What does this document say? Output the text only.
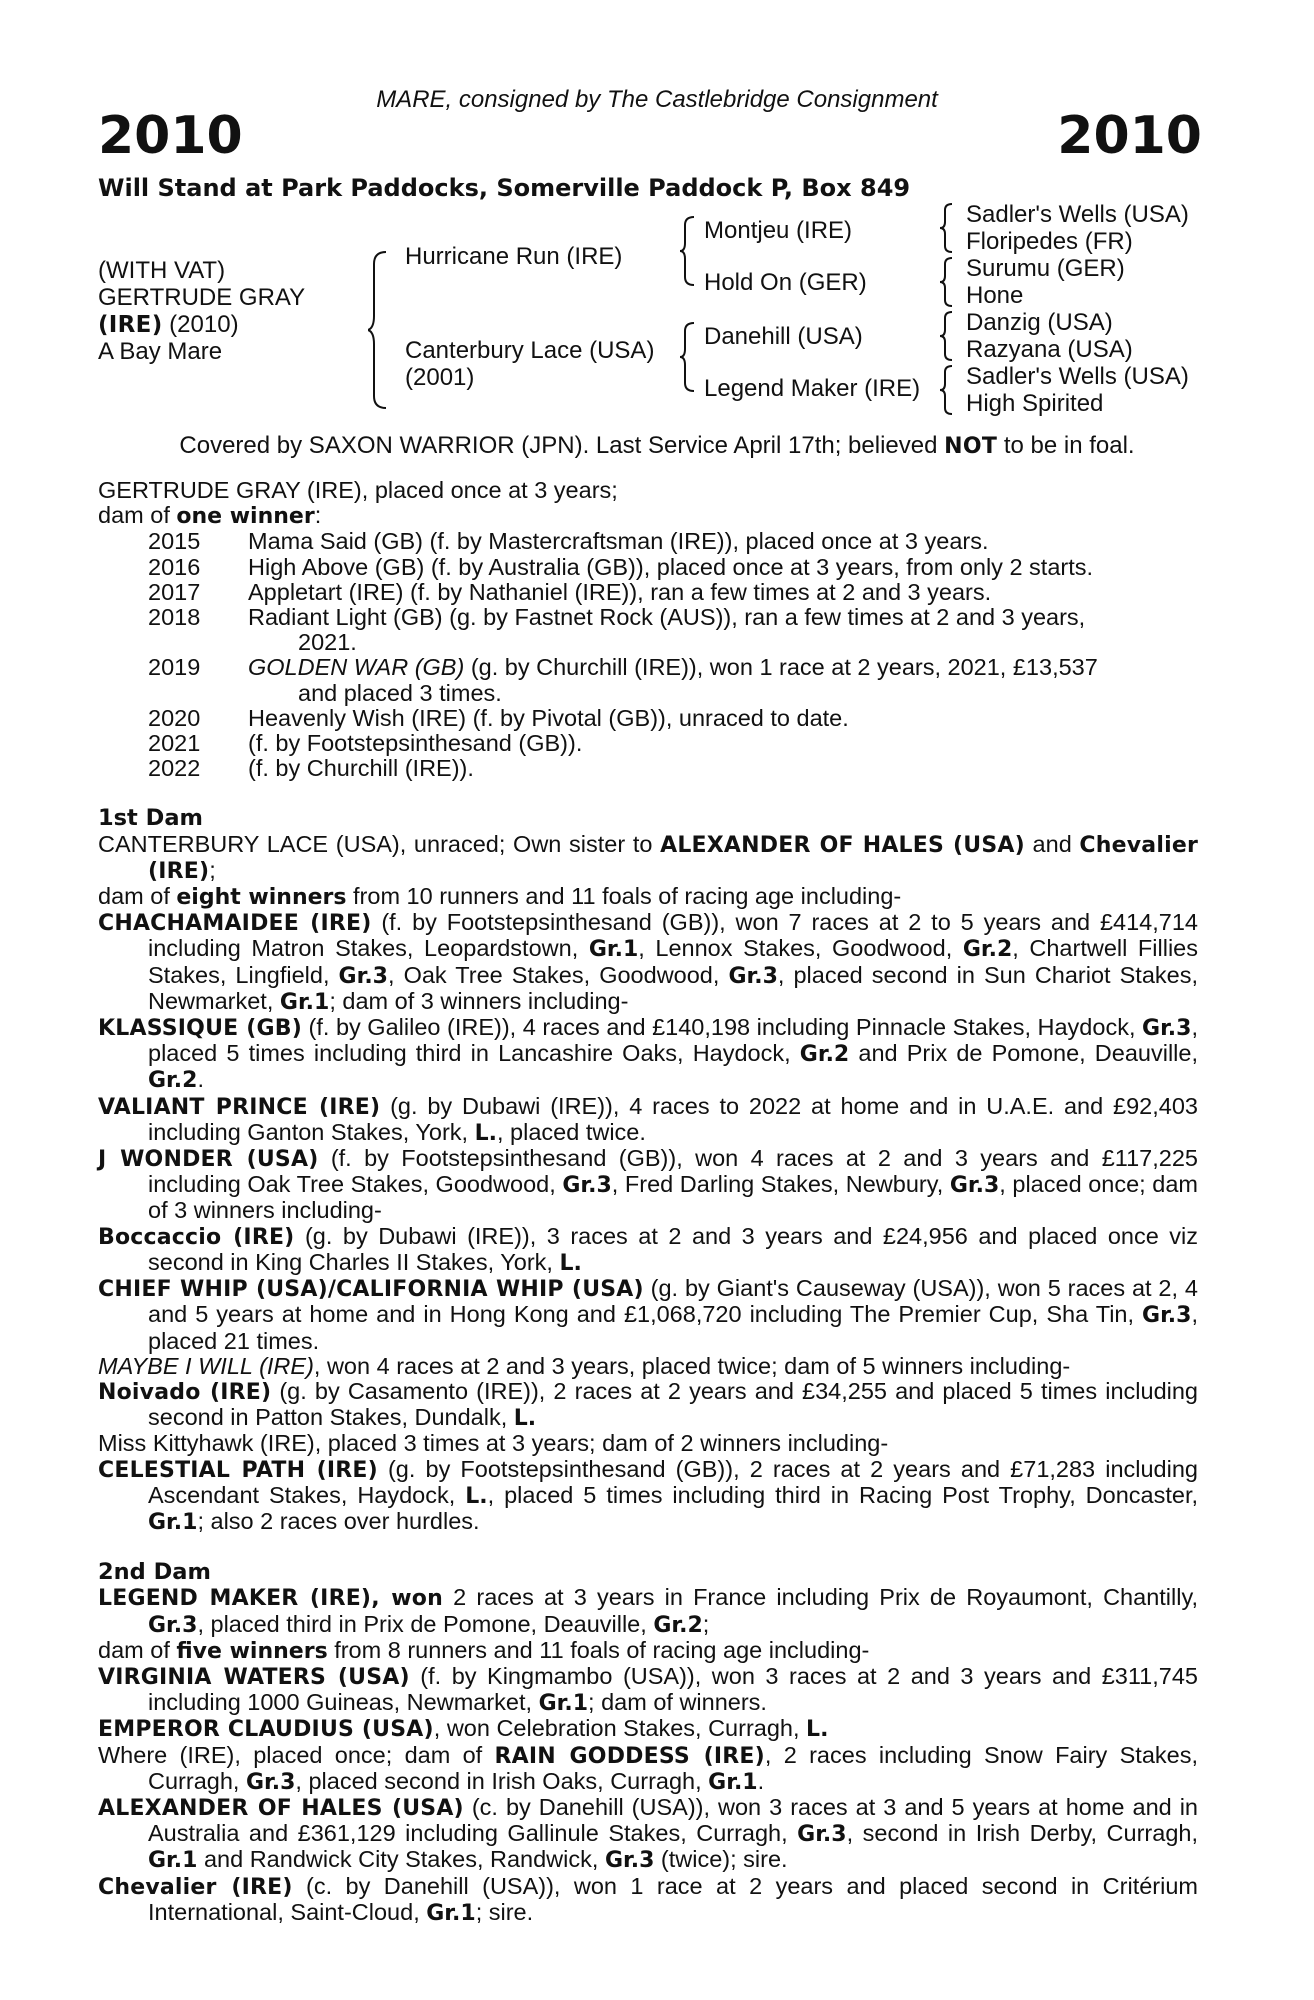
MARE, consigned by The Castlebridge Consignment
2010	2010
Will Stand at Park Paddocks, Somerville Paddock P, Box 849
(WITH VAT)
GERTRUDE GRAY
(IRE) (2010)
A Bay Mare
Hurricane Run (IRE)
Canterbury Lace (USA)
(2001)
Montjeu (IRE)
Hold On (GER)
Danehill (USA)
Legend Maker (IRE)
Sadler's Wells (USA)
Floripedes (FR)
Surumu (GER)
Hone
Danzig (USA)
Razyana (USA)
Sadler's Wells (USA)
High Spirited
Covered by SAXON WARRIOR (JPN). Last Service April 17th; believed NOT to be in foal.

GERTRUDE GRAY (IRE), placed once at 3 years;

dam of one winner:

2015	Mama Said (GB) (f. by Mastercraftsman (IRE)), placed once at 3 years.
2016	High Above (GB) (f. by Australia (GB)), placed once at 3 years, from only 2 starts.
2017	Appletart (IRE) (f. by Nathaniel (IRE)), ran a few times at 2 and 3 years.
2018	Radiant Light (GB) (g. by Fastnet Rock (AUS)), ran a few times at 2 and 3 years,
2021.
2019	GOLDEN WAR (GB) (g. by Churchill (IRE)), won 1 race at 2 years, 2021, £13,537
and placed 3 times.
2020	Heavenly Wish (IRE) (f. by Pivotal (GB)), unraced to date.
2021	(f. by Footstepsinthesand (GB)).
2022	(f. by Churchill (IRE)).

1st Dam

CANTERBURY LACE (USA), unraced; Own sister to ALEXANDER OF HALES (USA) and Chevalier (IRE);

dam of eight winners from 10 runners and 11 foals of racing age including-

CHACHAMAIDEE (IRE) (f. by Footstepsinthesand (GB)), won 7 races at 2 to 5 years and £414,714 including Matron Stakes, Leopardstown, Gr.1, Lennox Stakes, Goodwood, Gr.2, Chartwell Fillies Stakes, Lingfield, Gr.3, Oak Tree Stakes, Goodwood, Gr.3, placed second in Sun Chariot Stakes, Newmarket, Gr.1; dam of 3 winners including-

KLASSIQUE (GB) (f. by Galileo (IRE)), 4 races and £140,198 including Pinnacle Stakes, Haydock, Gr.3, placed 5 times including third in Lancashire Oaks, Haydock, Gr.2 and Prix de Pomone, Deauville, Gr.2.

VALIANT PRINCE (IRE) (g. by Dubawi (IRE)), 4 races to 2022 at home and in U.A.E. and £92,403 including Ganton Stakes, York, L., placed twice.

J WONDER (USA) (f. by Footstepsinthesand (GB)), won 4 races at 2 and 3 years and £117,225 including Oak Tree Stakes, Goodwood, Gr.3, Fred Darling Stakes, Newbury, Gr.3, placed once; dam of 3 winners including-

Boccaccio (IRE) (g. by Dubawi (IRE)), 3 races at 2 and 3 years and £24,956 and placed once viz second in King Charles II Stakes, York, L.

CHIEF WHIP (USA)/CALIFORNIA WHIP (USA) (g. by Giant's Causeway (USA)), won 5 races at 2, 4 and 5 years at home and in Hong Kong and £1,068,720 including The Premier Cup, Sha Tin, Gr.3, placed 21 times.

MAYBE I WILL (IRE), won 4 races at 2 and 3 years, placed twice; dam of 5 winners including-

Noivado (IRE) (g. by Casamento (IRE)), 2 races at 2 years and £34,255 and placed 5 times including second in Patton Stakes, Dundalk, L.

Miss Kittyhawk (IRE), placed 3 times at 3 years; dam of 2 winners including-

CELESTIAL PATH (IRE) (g. by Footstepsinthesand (GB)), 2 races at 2 years and £71,283 including Ascendant Stakes, Haydock, L., placed 5 times including third in Racing Post Trophy, Doncaster, Gr.1; also 2 races over hurdles.

2nd Dam

LEGEND MAKER (IRE), won 2 races at 3 years in France including Prix de Royaumont, Chantilly, Gr.3, placed third in Prix de Pomone, Deauville, Gr.2;

dam of five winners from 8 runners and 11 foals of racing age including-

VIRGINIA WATERS (USA) (f. by Kingmambo (USA)), won 3 races at 2 and 3 years and £311,745 including 1000 Guineas, Newmarket, Gr.1; dam of winners.

EMPEROR CLAUDIUS (USA), won Celebration Stakes, Curragh, L.

Where (IRE), placed once; dam of RAIN GODDESS (IRE), 2 races including Snow Fairy Stakes, Curragh, Gr.3, placed second in Irish Oaks, Curragh, Gr.1.

ALEXANDER OF HALES (USA) (c. by Danehill (USA)), won 3 races at 3 and 5 years at home and in Australia and £361,129 including Gallinule Stakes, Curragh, Gr.3, second in Irish Derby, Curragh, Gr.1 and Randwick City Stakes, Randwick, Gr.3 (twice); sire.

Chevalier (IRE) (c. by Danehill (USA)), won 1 race at 2 years and placed second in Critérium International, Saint-Cloud, Gr.1; sire.
